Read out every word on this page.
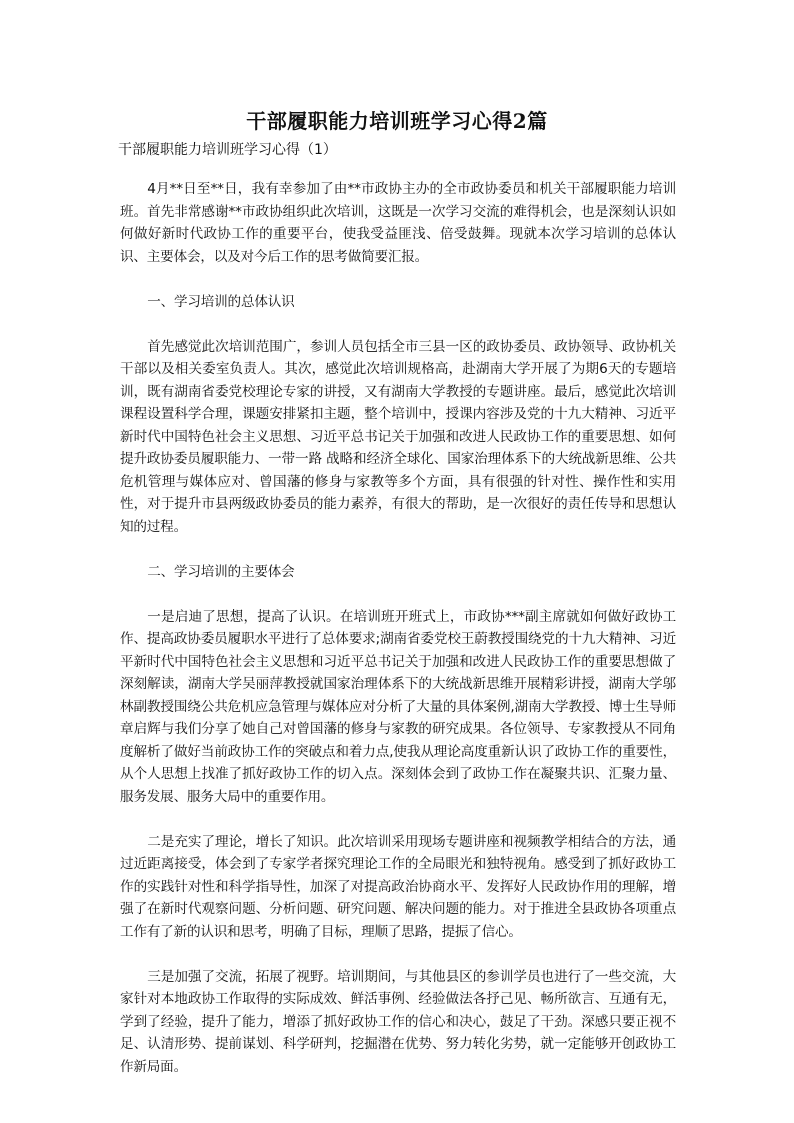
干部履职能力培训班学习心得2篇
干部履职能力培训班学习心得（1）

4月**日至**日，我有幸参加了由**市政协主办的全市政协委员和机关干部履职能力培训班。首先非常感谢**市政协组织此次培训，这既是一次学习交流的难得机会，也是深刻认识如何做好新时代政协工作的重要平台，使我受益匪浅、倍受鼓舞。现就本次学习培训的总体认识、主要体会，以及对今后工作的思考做简要汇报。

一、学习培训的总体认识

首先感觉此次培训范围广，参训人员包括全市三县一区的政协委员、政协领导、政协机关干部以及相关委室负责人。其次，感觉此次培训规格高，赴湖南大学开展了为期6天的专题培训，既有湖南省委党校理论专家的讲授，又有湖南大学教授的专题讲座。最后，感觉此次培训课程设置科学合理，课题安排紧扣主题，整个培训中，授课内容涉及党的十九大精神、习近平新时代中国特色社会主义思想、习近平总书记关于加强和改进人民政协工作的重要思想、如何提升政协委员履职能力、一带一路 战略和经济全球化、国家治理体系下的大统战新思维、公共危机管理与媒体应对、曾国藩的修身与家教等多个方面，具有很强的针对性、操作性和实用性，对于提升市县两级政协委员的能力素养，有很大的帮助，是一次很好的责任传导和思想认知的过程。

二、学习培训的主要体会

一是启迪了思想，提高了认识。在培训班开班式上，市政协***副主席就如何做好政协工作、提高政协委员履职水平进行了总体要求;湖南省委党校王蔚教授围绕党的十九大精神、习近平新时代中国特色社会主义思想和习近平总书记关于加强和改进人民政协工作的重要思想做了深刻解读，湖南大学吴丽萍教授就国家治理体系下的大统战新思维开展精彩讲授，湖南大学邬林副教授围绕公共危机应急管理与媒体应对分析了大量的具体案例,湖南大学教授、博士生导师章启辉与我们分享了她自己对曾国藩的修身与家教的研究成果。各位领导、专家教授从不同角度解析了做好当前政协工作的突破点和着力点,使我从理论高度重新认识了政协工作的重要性，从个人思想上找准了抓好政协工作的切入点。深刻体会到了政协工作在凝聚共识、汇聚力量、服务发展、服务大局中的重要作用。

二是充实了理论，增长了知识。此次培训采用现场专题讲座和视频教学相结合的方法，通过近距离接受，体会到了专家学者探究理论工作的全局眼光和独特视角。感受到了抓好政协工作的实践针对性和科学指导性，加深了对提高政治协商水平、发挥好人民政协作用的理解，增强了在新时代观察问题、分析问题、研究问题、解决问题的能力。对于推进全县政协各项重点工作有了新的认识和思考，明确了目标，理顺了思路，提振了信心。

三是加强了交流，拓展了视野。培训期间，与其他县区的参训学员也进行了一些交流，大家针对本地政协工作取得的实际成效、鲜活事例、经验做法各抒己见、畅所欲言、互通有无，学到了经验，提升了能力，增添了抓好政协工作的信心和决心，鼓足了干劲。深感只要正视不足、认清形势、提前谋划、科学研判，挖掘潜在优势、努力转化劣势，就一定能够开创政协工作新局面。
